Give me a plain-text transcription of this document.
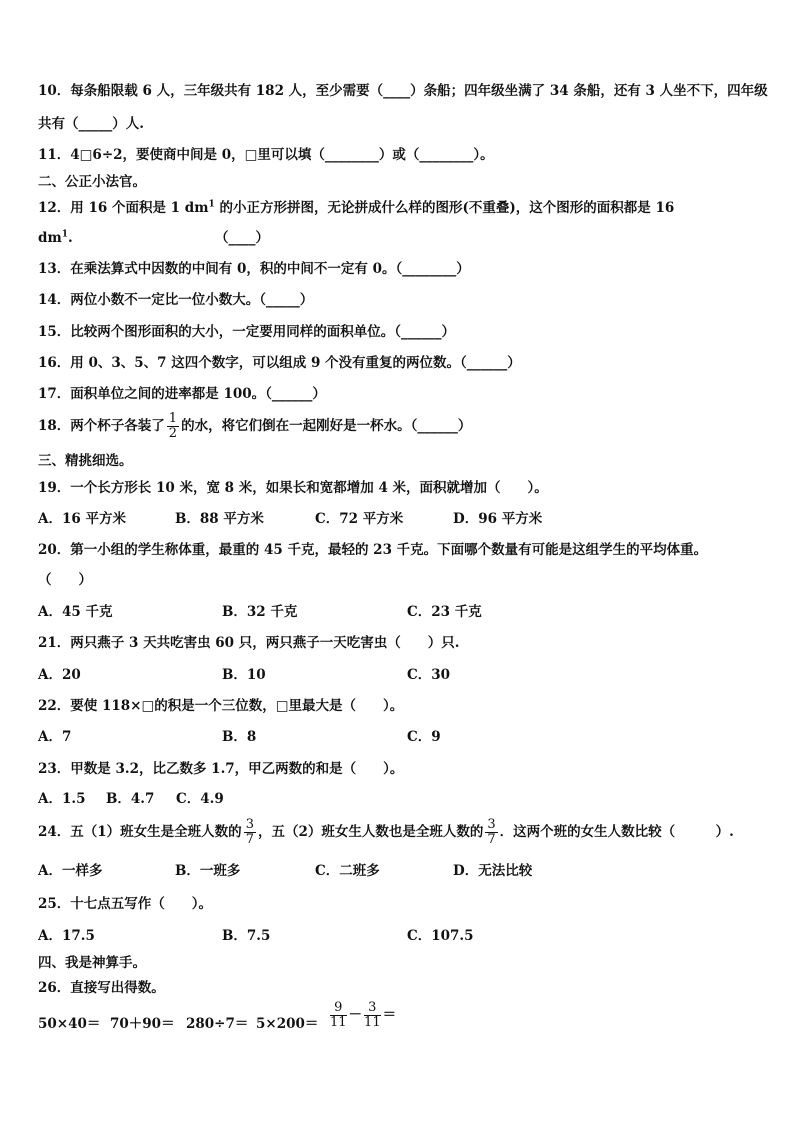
10．每条船限载 6 人，三年级共有 182 人，至少需要（____）条船；四年级坐满了 34 条船，还有 3 人坐不下，四年级
共有（_____）人.
11．4□6÷2，要使商中间是 0，□里可以填（________）或（________）。
二、公正小法官。
12．用 16 个面积是 1 $dm^1$ 的小正方形拼图，无论拼成什么样的图形(不重叠)，这个图形的面积都是 16
$dm^1$.	（____）
13．在乘法算式中因数的中间有 0，积的中间不一定有 0。（________）
14．两位小数不一定比一位小数大。（_____）
15．比较两个图形面积的大小，一定要用同样的面积单位。（______）
16．用 0、3、5、7 这四个数字，可以组成 9 个没有重复的两位数。（______）
17．面积单位之间的进率都是 100。（______）
18．两个杯子各装了 $\frac{1}{2}$ 的水，将它们倒在一起刚好是一杯水。（______）
三、精挑细选。
19．一个长方形长 10 米，宽 8 米，如果长和宽都增加 4 米，面积就增加（　　）。
A．16 平方米	B．88 平方米	C．72 平方米	D．96 平方米
20．第一小组的学生称体重，最重的 45 千克，最轻的 23 千克。下面哪个数量有可能是这组学生的平均体重。
（　　）
A．45 千克	B．32 千克	C．23 千克
21．两只燕子 3 天共吃害虫 60 只，两只燕子一天吃害虫（　　）只.
A．20	B．10	C．30
22．要使 118×□的积是一个三位数，□里最大是（　　）。
A．7	B．8	C．9
23．甲数是 3.2，比乙数多 1.7，甲乙两数的和是（　　）。
A．1.5 B．4.7 C．4.9
24．五（1）班女生是全班人数的 $\frac{3}{7}$ ，五（2）班女生人数也是全班人数的 $\frac{3}{7}$ ．这两个班的女生人数比较（　　　）.
A．一样多	B．一班多	C．二班多	D．无法比较
25．十七点五写作（　　）。
A．17.5	B．7.5	C．107.5
四、我是神算手。
26．直接写出得数。
$50\times 40= 70+90= 280\div 7= 5\times 200= \frac{9}{11} - \frac{3}{11}$ ＝
